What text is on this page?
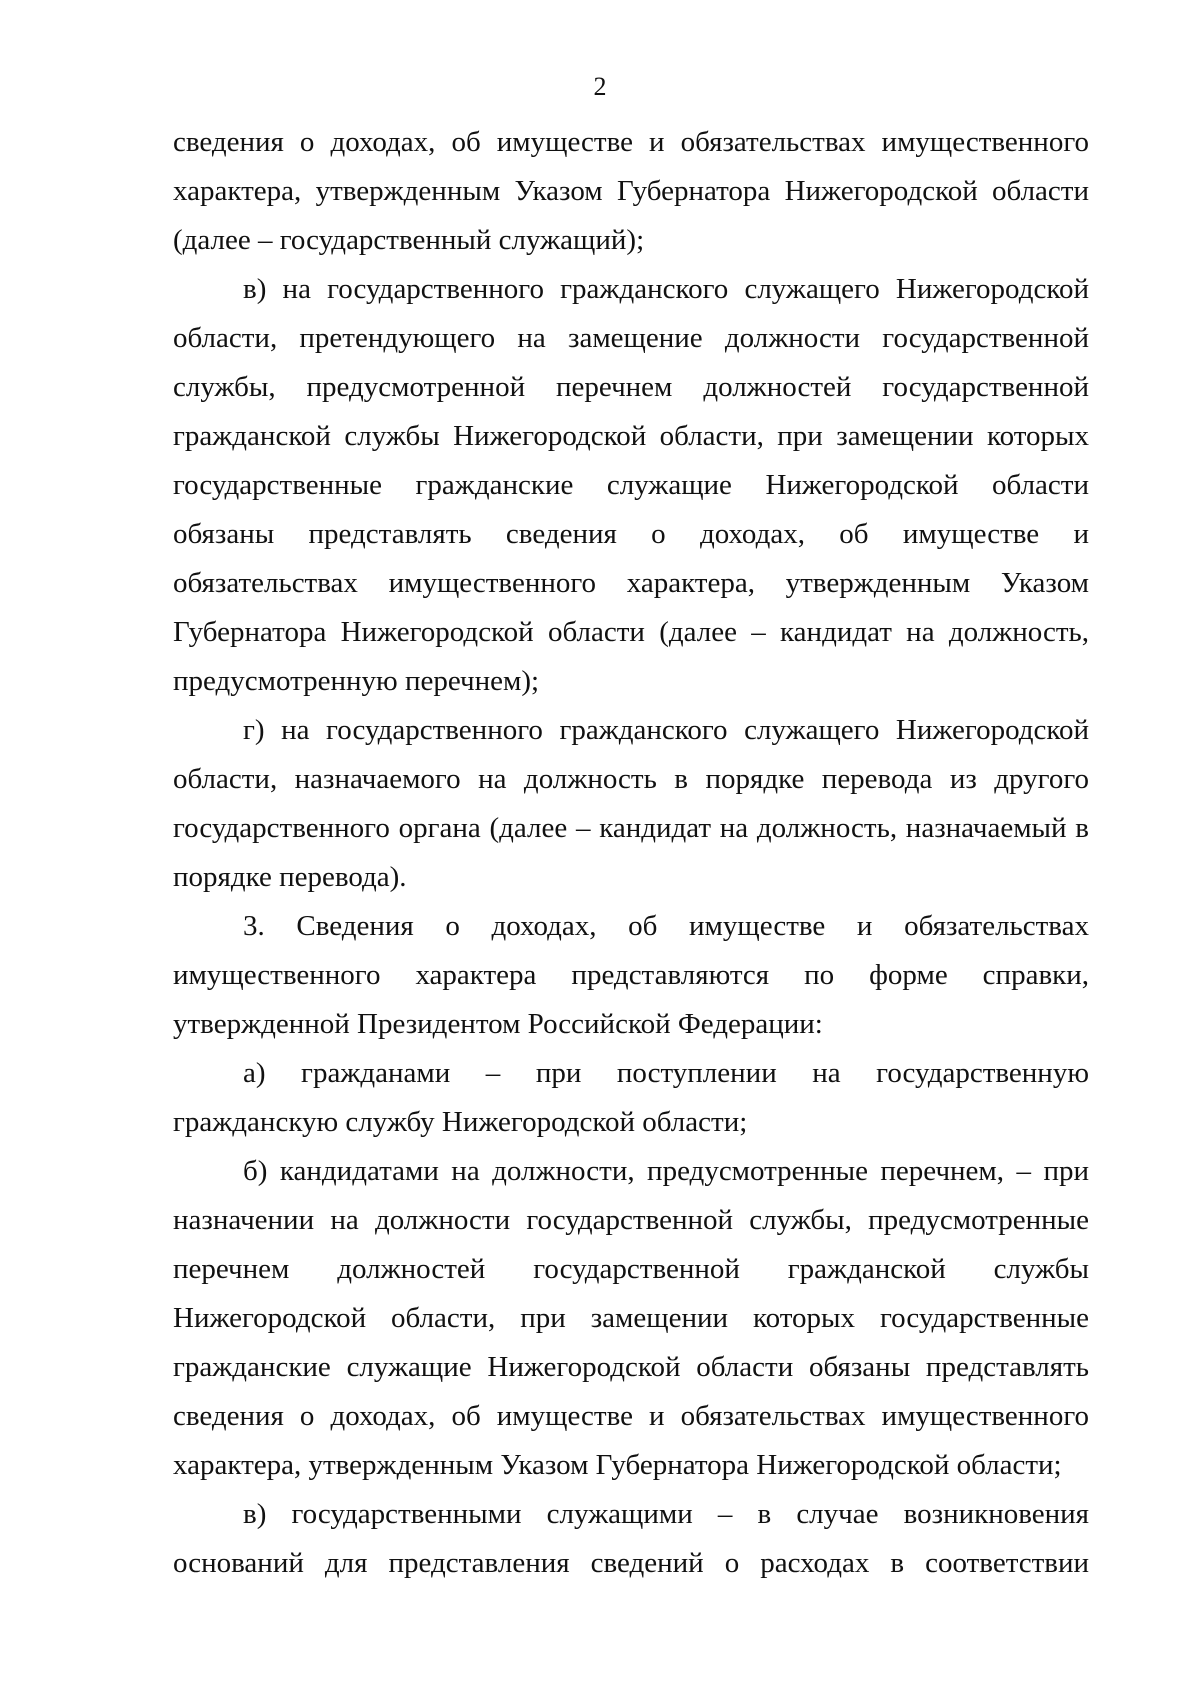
2

сведения о доходах, об имуществе и обязательствах имущественного характера, утвержденным Указом Губернатора Нижегородской области (далее – государственный служащий);

в) на государственного гражданского служащего Нижегородской области, претендующего на замещение должности государственной службы, предусмотренной перечнем должностей государственной гражданской службы Нижегородской области, при замещении которых государственные гражданские служащие Нижегородской области обязаны представлять сведения о доходах, об имуществе и обязательствах имущественного характера, утвержденным Указом Губернатора Нижегородской области (далее – кандидат на должность, предусмотренную перечнем);

г) на государственного гражданского служащего Нижегородской области, назначаемого на должность в порядке перевода из другого государственного органа (далее – кандидат на должность, назначаемый в порядке перевода).

3. Сведения о доходах, об имуществе и обязательствах имущественного характера представляются по форме справки, утвержденной Президентом Российской Федерации:

а) гражданами – при поступлении на государственную гражданскую службу Нижегородской области;

б) кандидатами на должности, предусмотренные перечнем, – при назначении на должности государственной службы, предусмотренные перечнем должностей государственной гражданской службы Нижегородской области, при замещении которых государственные гражданские служащие Нижегородской области обязаны представлять сведения о доходах, об имуществе и обязательствах имущественного характера, утвержденным Указом Губернатора Нижегородской области;

в) государственными служащими – в случае возникновения оснований для представления сведений о расходах в соответствии
